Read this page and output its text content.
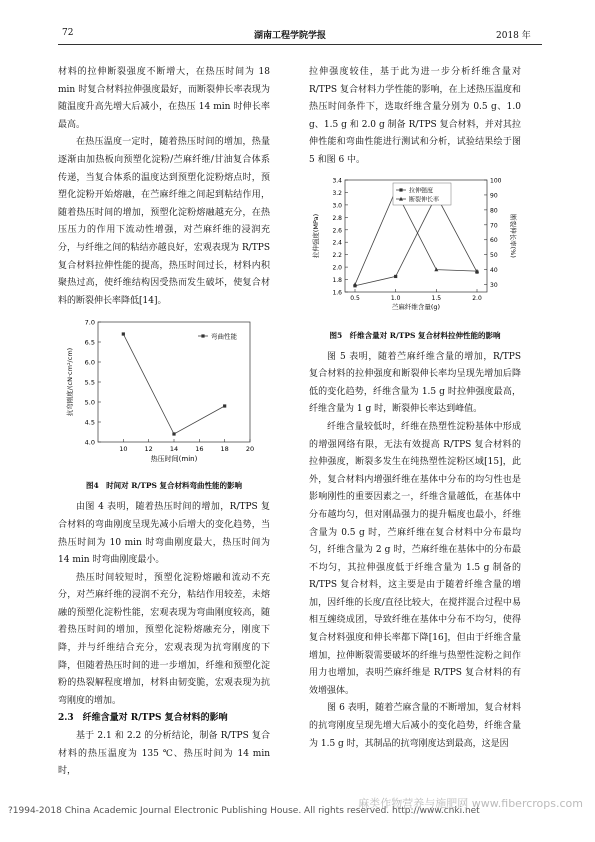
72	湖南工程学院学报	2018 年

材料的拉伸断裂强度不断增大，在热压时间为 18 min 时复合材料拉伸强度最好，而断裂伸长率表现为随温度升高先增大后减小，在热压 14 min 时伸长率最高。

在热压温度一定时，随着热压时间的增加，热量逐渐由加热板向预塑化淀粉/苎麻纤维/甘油复合体系传递，当复合体系的温度达到预塑化淀粉熔点时，预塑化淀粉开始熔融，在苎麻纤维之间起到粘结作用，随着热压时间的增加，预塑化淀粉熔融越充分，在热压压力的作用下流动性增强，对苎麻纤维的浸润充分，与纤维之间的粘结亦越良好，宏观表现为 R/TPS 复合材料拉伸性能的提高，热压时间过长，材料内积聚热过高，使纤维结构因受热而发生破坏，使复合材料的断裂伸长率降低[14]。

4.0
4.5
5.0
5.5
6.0
6.5
7.0
10	12	14	16	18	20
热压时间(min)
抗弯刚度/(cN·cm²/cm)
弯曲性能
图4　时间对 R/TPS 复合材料弯曲性能的影响

由图 4 表明，随着热压时间的增加，R/TPS 复合材料的弯曲刚度呈现先减小后增大的变化趋势，当热压时间为 10 min 时弯曲刚度最大，热压时间为 14 min 时弯曲刚度最小。

热压时间较短时，预塑化淀粉熔融和流动不充分，对苎麻纤维的浸润不充分，粘结作用较差，未熔融的预塑化淀粉性能，宏观表现为弯曲刚度较高，随着热压时间的增加，预塑化淀粉熔融充分，刚度下降，并与纤维结合充分，宏观表现为抗弯刚度的下降，但随着热压时间的进一步增加，纤维和预塑化淀粉的热裂解程度增加，材料由韧变脆，宏观表现为抗弯刚度的增加。

2.3　纤维含量对 R/TPS 复合材料的影响

基于 2.1 和 2.2 的分析结论，制备 R/TPS 复合材料的热压温度为 135 ℃、热压时间为 14 min 时，

拉伸强度较佳，基于此为进一步分析纤维含量对 R/TPS 复合材料力学性能的影响，在上述热压温度和热压时间条件下，选取纤维含量分别为 0.5 g、1.0 g、1.5 g 和 2.0 g 制备 R/TPS 复合材料，并对其拉伸性能和弯曲性能进行测试和分析，试验结果绘于图 5 和图 6 中。

1.6
1.8
2.0
2.2
2.4
2.6
2.8
3.0
3.2
3.4
30
40
50
60
70
80
90
100
0.5	1.0	1.5	2.0
苎麻纤维含量(g)
拉伸强度(MPa)	断裂伸长率(%)
拉伸强度
断裂伸长率
图5　纤维含量对 R/TPS 复合材料拉伸性能的影响

图 5 表明，随着苎麻纤维含量的增加，R/TPS 复合材料的拉伸强度和断裂伸长率均呈现先增加后降低的变化趋势，纤维含量为 1.5 g 时拉伸强度最高，纤维含量为 1 g 时，断裂伸长率达到峰值。

纤维含量较低时，纤维在热塑性淀粉基体中形成的增强网络有限，无法有效提高 R/TPS 复合材料的拉伸强度，断裂多发生在纯热塑性淀粉区域[15]，此外，复合材料内增强纤维在基体中分布的均匀性也是影响刚性的重要因素之一，纤维含量越低，在基体中分布越均匀，但对刚晶强力的提升幅度也最小，纤维含量为 0.5 g 时，苎麻纤维在复合材料中分布最均匀，纤维含量为 2 g 时，苎麻纤维在基体中的分布最不均匀，其拉伸强度低于纤维含量为 1.5 g 制备的 R/TPS 复合材料，这主要是由于随着纤维含量的增加，因纤维的长度/直径比较大，在搅拌混合过程中易相互缠绕成团，导致纤维在基体中分布不均匀，使得复合材料强度和伸长率都下降[16]，但由于纤维含量增加，拉伸断裂需要破坏的纤维与热塑性淀粉之间作用力也增加，表明苎麻纤维是 R/TPS 复合材料的有效增强体。

图 6 表明，随着苎麻含量的不断增加，复合材料的抗弯刚度呈现先增大后减小的变化趋势，纤维含量为 1.5 g 时，其制品的抗弯刚度达到最高，这是因

?1994-2018 China Academic Journal Electronic Publishing House. All rights reserved. http://www.cnki.net
麻类作物营养与施肥网 www.fibercrops.com
